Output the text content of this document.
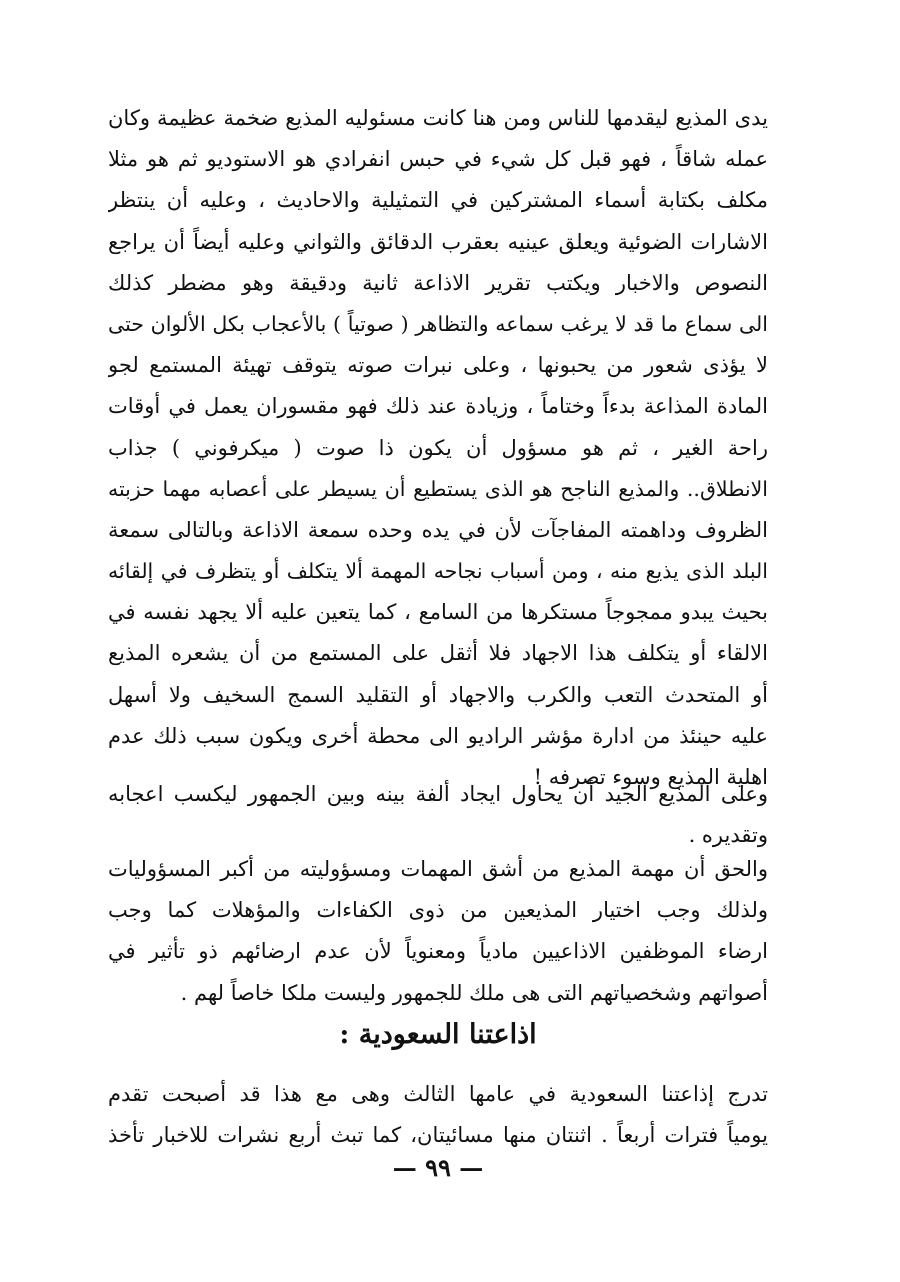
يدى المذيع ليقدمها للناس ومن هنا كانت مسئوليه المذيع ضخمة عظيمة وكان
عمله شاقاً ، فهو قبل كل شيء في حبس انفرادي هو الاستوديو ثم هو مثلا
مكلف بكتابة أسماء المشتركين في التمثيلية والاحاديث ، وعليه أن ينتظر
الاشارات الضوئية ويعلق عينيه بعقرب الدقائق والثواني وعليه أيضاً أن يراجع
النصوص والاخبار ويكتب تقرير الاذاعة ثانية ودقيقة وهو مضطر كذلك
الى سماع ما قد لا يرغب سماعه والتظاهر ( صوتياً ) بالأعجاب بكل الألوان حتى
لا يؤذى شعور من يحبونها ، وعلى نبرات صوته يتوقف تهيئة المستمع لجو
المادة المذاعة بدءاً وختاماً ، وزيادة عند ذلك فهو مقسوران يعمل في أوقات
راحة الغير ، ثم هو مسؤول أن يكون ذا صوت ( ميكرفوني ) جذاب
الانطلاق.. والمذيع الناجح هو الذى يستطيع أن يسيطر على أعصابه مهما حزبته
الظروف وداهمته المفاجآت لأن في يده وحده سمعة الاذاعة وبالتالى سمعة
البلد الذى يذيع منه ، ومن أسباب نجاحه المهمة ألا يتكلف أو يتظرف في إلقائه
بحيث يبدو ممجوجاً مستكرها من السامع ، كما يتعين عليه ألا يجهد نفسه في
الالقاء أو يتكلف هذا الاجهاد فلا أثقل على المستمع من أن يشعره المذيع
أو المتحدث التعب والكرب والاجهاد أو التقليد السمج السخيف ولا أسهل
عليه حينئذ من ادارة مؤشر الراديو الى محطة أخرى ويكون سبب ذلك عدم
اهلية المذيع وسوء تصرفه !
وعلى المذيع الجيد أن يحاول ايجاد ألفة بينه وبين الجمهور ليكسب اعجابه
وتقديره .
والحق أن مهمة المذيع من أشق المهمات ومسؤوليته من أكبر المسؤوليات
ولذلك وجب اختيار المذيعين من ذوى الكفاءات والمؤهلات كما وجب
ارضاء الموظفين الاذاعيين مادياً ومعنوياً لأن عدم ارضائهم ذو تأثير في
أصواتهم وشخصياتهم التى هى ملك للجمهور وليست ملكا خاصاً لهم .
اذاعتنا السعودية :
تدرج إذاعتنا السعودية في عامها الثالث وهى مع هذا قد أصبحت تقدم
يومياً فترات أربعاً . اثنتان منها مسائيتان، كما تبث أربع نشرات للاخبار تأخذ
— ٩٩ —
